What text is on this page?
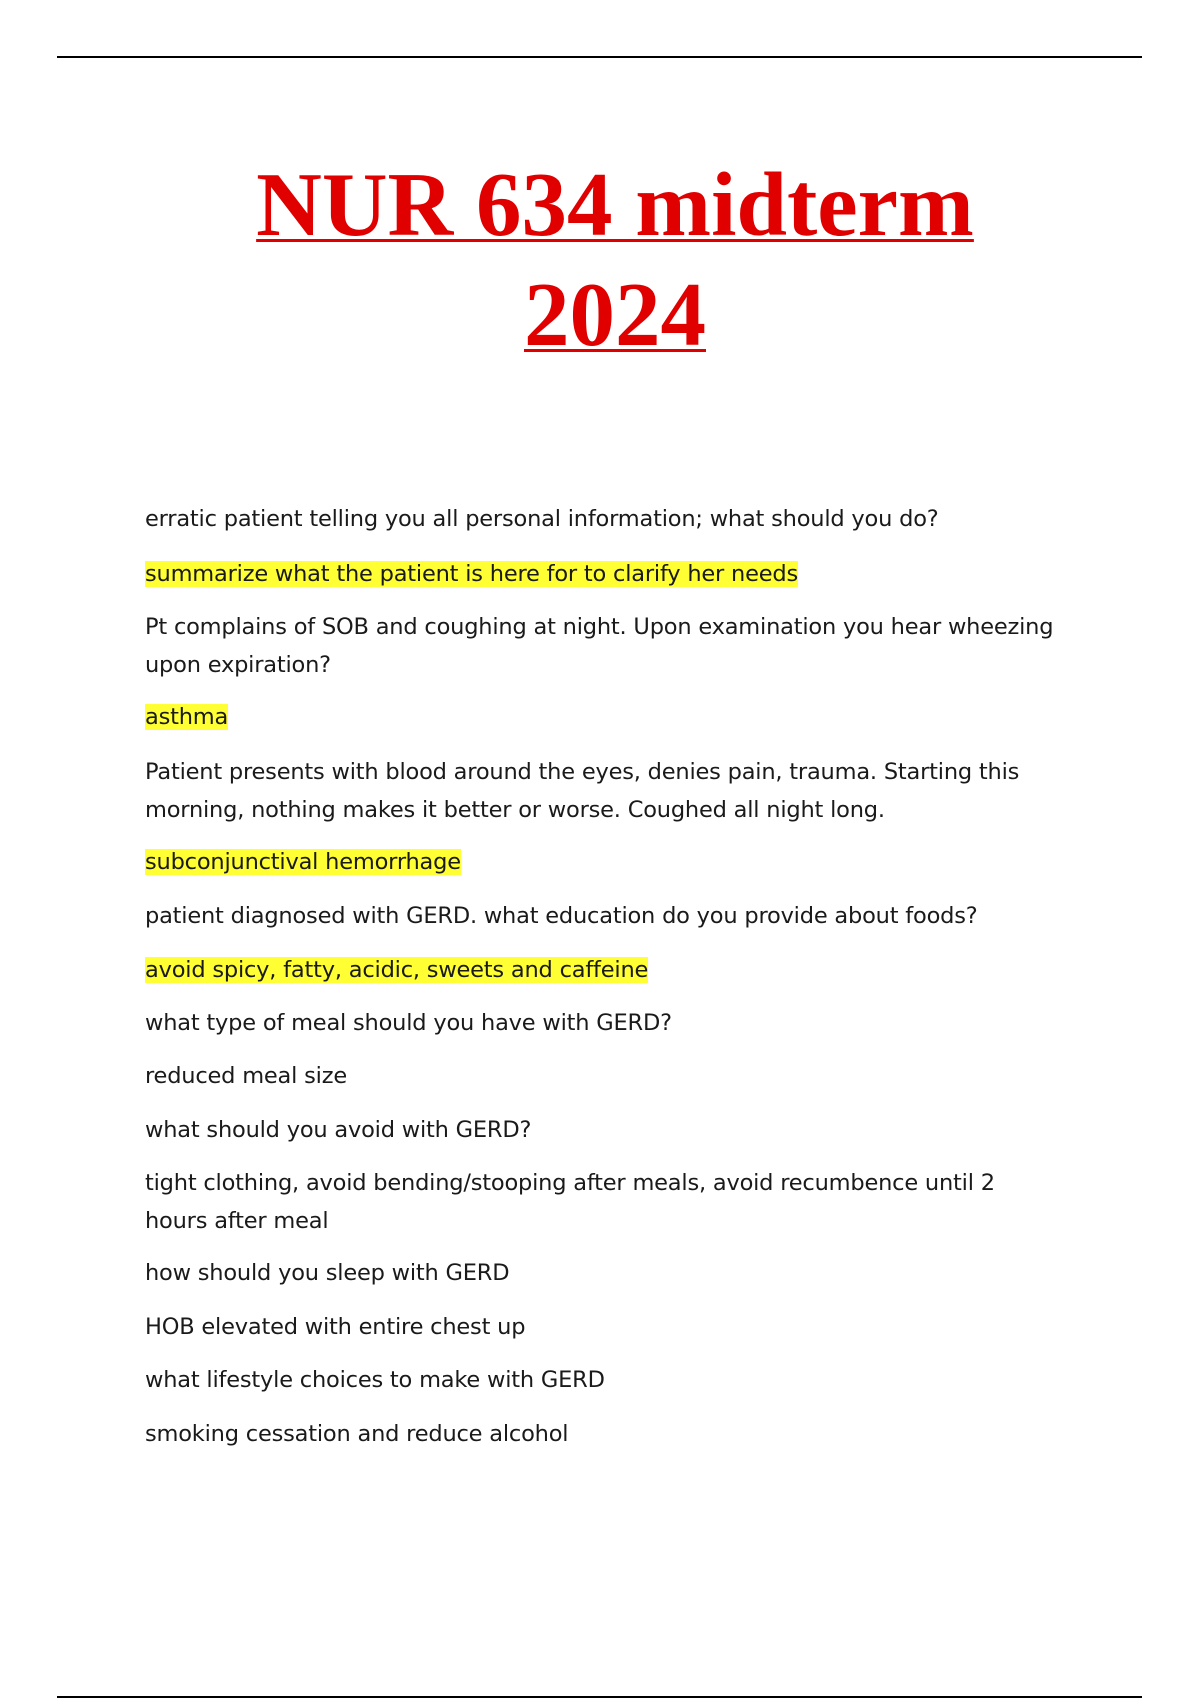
NUR 634 midterm
2024

erratic patient telling you all personal information; what should you do?

summarize what the patient is here for to clarify her needs

Pt complains of SOB and coughing at night. Upon examination you hear wheezing
upon expiration?

asthma

Patient presents with blood around the eyes, denies pain, trauma. Starting this
morning, nothing makes it better or worse. Coughed all night long.

subconjunctival hemorrhage

patient diagnosed with GERD. what education do you provide about foods?

avoid spicy, fatty, acidic, sweets and caffeine

what type of meal should you have with GERD?

reduced meal size

what should you avoid with GERD?

tight clothing, avoid bending/stooping after meals, avoid recumbence until 2
hours after meal

how should you sleep with GERD

HOB elevated with entire chest up

what lifestyle choices to make with GERD

smoking cessation and reduce alcohol
